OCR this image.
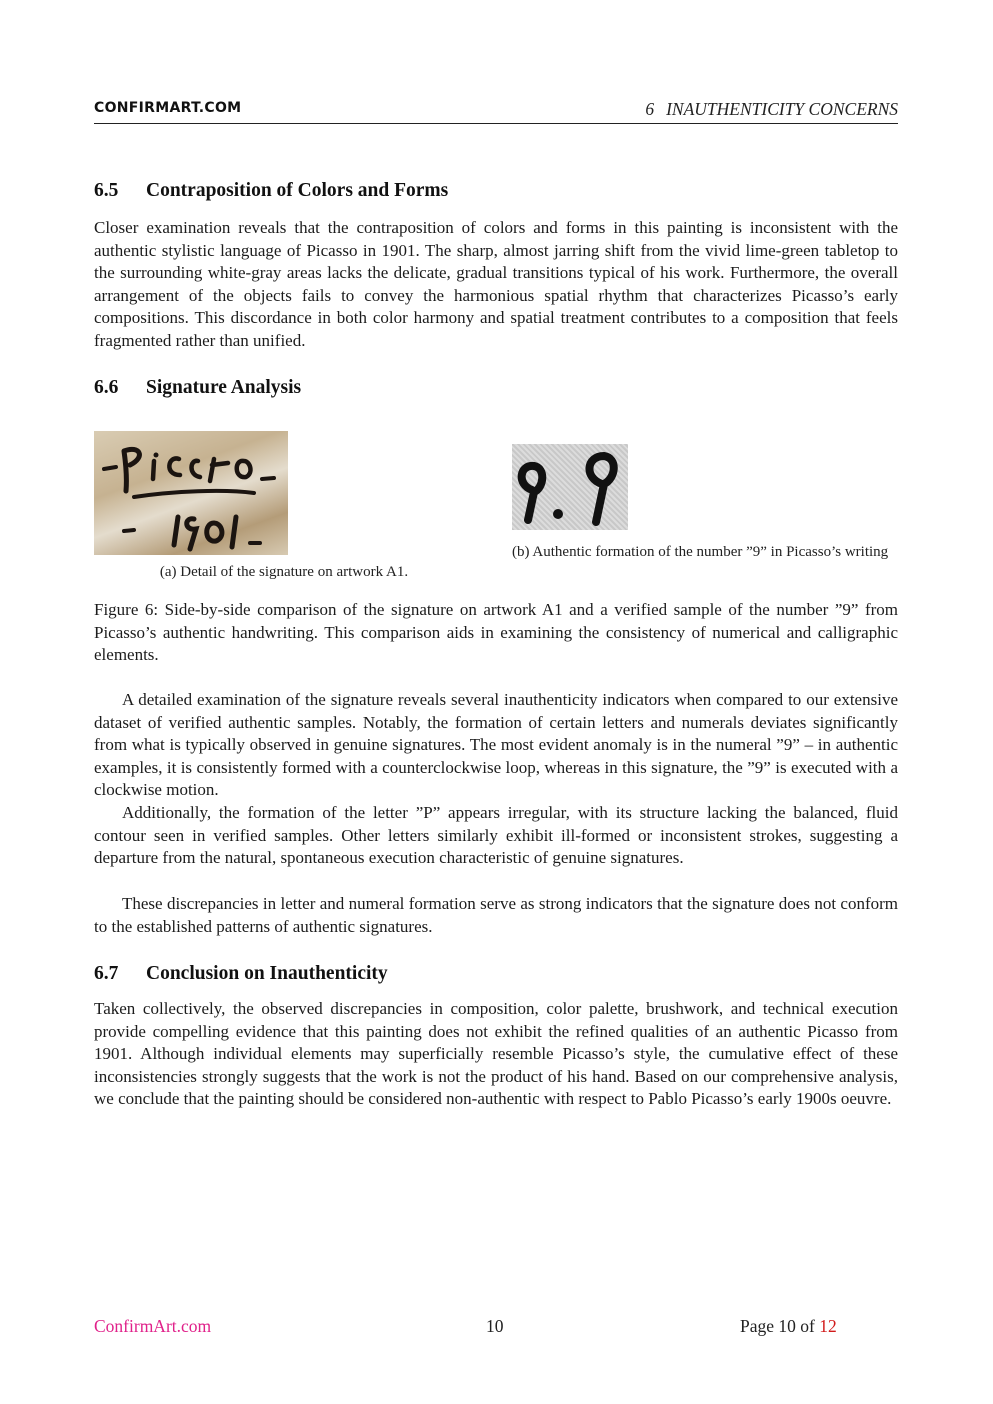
CONFIRMART.COM	6 INAUTHENTICITY CONCERNS
6.5 Contraposition of Colors and Forms

Closer examination reveals that the contraposition of colors and forms in this painting is inconsistent with the authentic stylistic language of Picasso in 1901. The sharp, almost jarring shift from the vivid lime-green tabletop to the surrounding white-gray areas lacks the delicate, gradual transitions typical of his work. Furthermore, the overall arrangement of the objects fails to convey the harmonious spatial rhythm that characterizes Picasso’s early compositions. This discordance in both color harmony and spatial treatment contributes to a composition that feels fragmented rather than unified.

6.6 Signature Analysis
(a) Detail of the signature on artwork A1.
(b) Authentic formation of the number ”9” in Picasso’s writing

Figure 6: Side-by-side comparison of the signature on artwork A1 and a verified sample of the number ”9” from Picasso’s authentic handwriting. This comparison aids in examining the consistency of numerical and calligraphic elements.

A detailed examination of the signature reveals several inauthenticity indicators when compared to our extensive dataset of verified authentic samples. Notably, the formation of certain letters and numerals deviates significantly from what is typically observed in genuine signatures. The most evident anomaly is in the numeral ”9” – in authentic examples, it is consistently formed with a counterclockwise loop, whereas in this signature, the ”9” is executed with a clockwise motion.

Additionally, the formation of the letter ”P” appears irregular, with its structure lacking the balanced, fluid contour seen in verified samples. Other letters similarly exhibit ill-formed or inconsistent strokes, suggesting a departure from the natural, spontaneous execution characteristic of genuine signatures.

These discrepancies in letter and numeral formation serve as strong indicators that the signature does not conform to the established patterns of authentic signatures.

6.7 Conclusion on Inauthenticity

Taken collectively, the observed discrepancies in composition, color palette, brushwork, and technical execution provide compelling evidence that this painting does not exhibit the refined qualities of an authentic Picasso from 1901. Although individual elements may superficially resemble Picasso’s style, the cumulative effect of these inconsistencies strongly suggests that the work is not the product of his hand. Based on our comprehensive analysis, we conclude that the painting should be considered non-authentic with respect to Pablo Picasso’s early 1900s oeuvre.

ConfirmArt.com	10	Page 10 of 12
